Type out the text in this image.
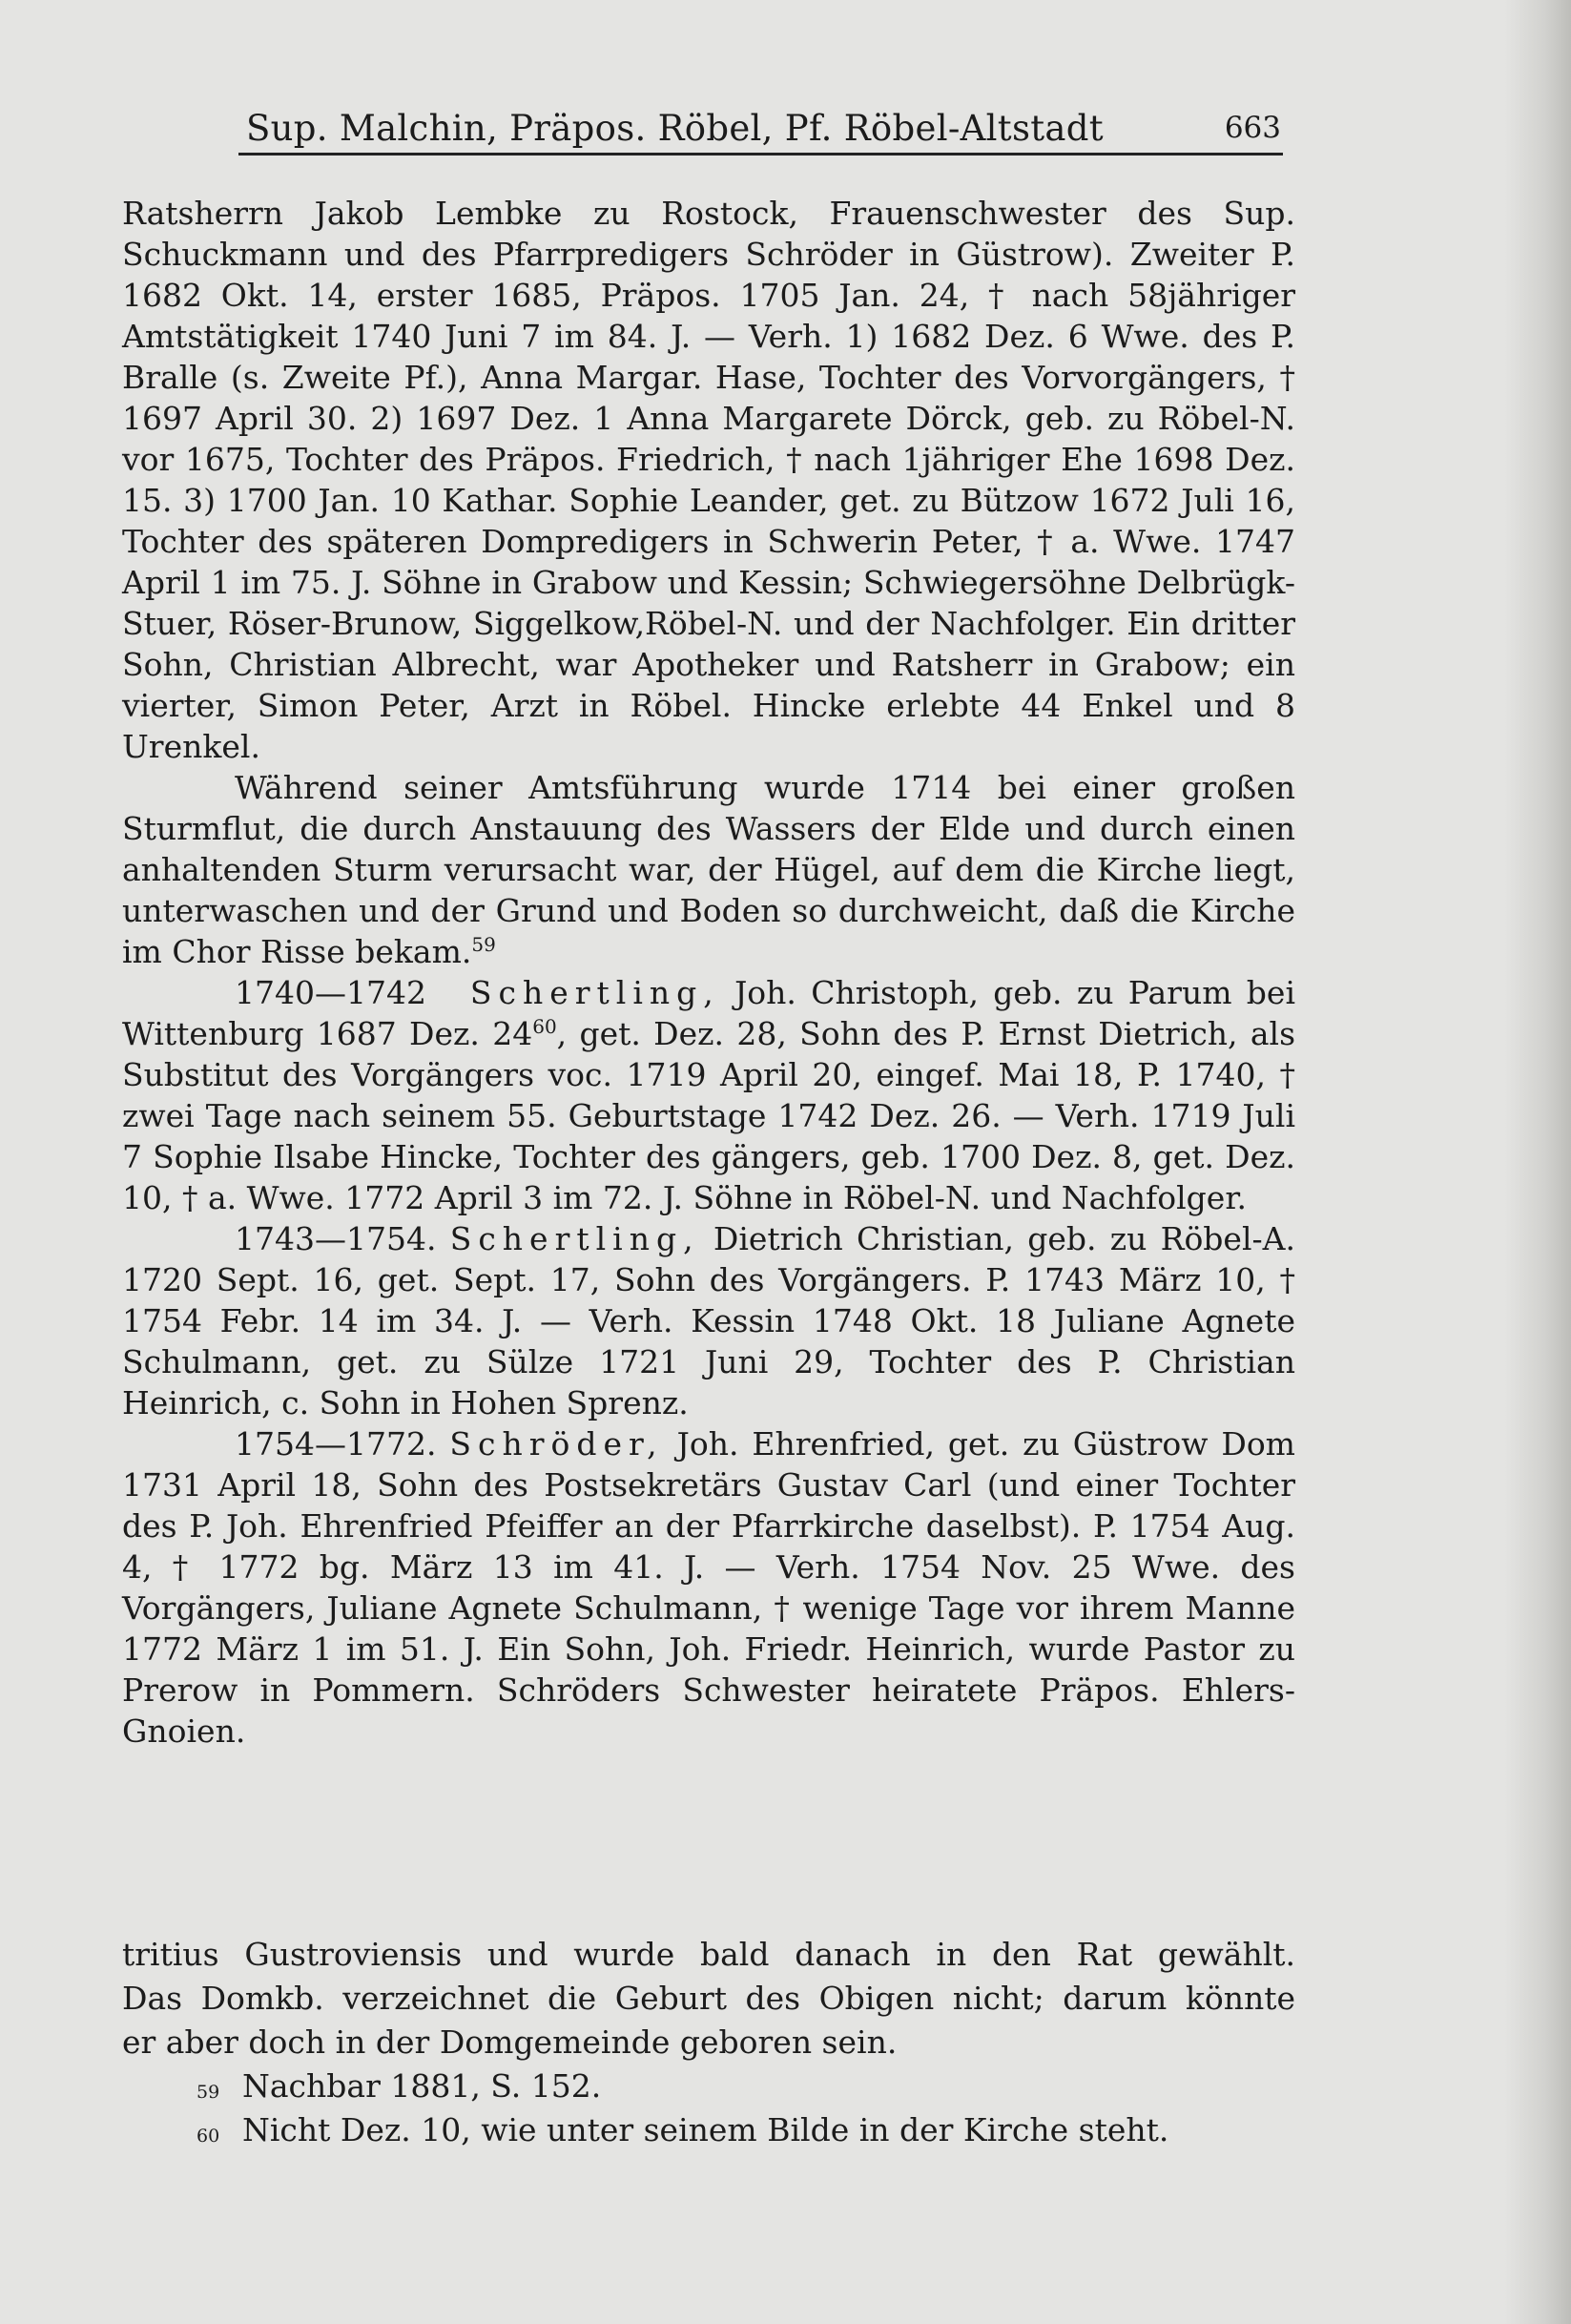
Sup. Malchin, Präpos. Röbel, Pf. Röbel-Altstadt	663

Ratsherrn Jakob Lembke zu Rostock, Frauenschwester des Sup. Schuckmann und des Pfarrpredigers Schröder in Güstrow). Zweiter P. 1682 Okt. 14, erster 1685, Präpos. 1705 Jan. 24, † nach 58jähriger Amtstätigkeit 1740 Juni 7 im 84. J. — Verh. 1) 1682 Dez. 6 Wwe. des P. Bralle (s. Zweite Pf.), Anna Margar. Hase, Tochter des Vorvorgängers, † 1697 April 30. 2) 1697 Dez. 1 Anna Margarete Dörck, geb. zu Röbel-N. vor 1675, Tochter des Präpos. Friedrich, † nach 1jähriger Ehe 1698 Dez. 15. 3) 1700 Jan. 10 Kathar. Sophie Leander, get. zu Bützow 1672 Juli 16, Tochter des späteren Dompredigers in Schwerin Peter, † a. Wwe. 1747 April 1 im 75. J. Söhne in Grabow und Kessin; Schwiegersöhne Delbrügk-Stuer, Röser-Brunow, Siggelkow,Röbel-N. und der Nachfolger. Ein dritter Sohn, Christian Albrecht, war Apotheker und Ratsherr in Grabow; ein vierter, Simon Peter, Arzt in Röbel. Hincke erlebte 44 Enkel und 8 Urenkel.

Während seiner Amtsführung wurde 1714 bei einer großen Sturmflut, die durch Anstauung des Wassers der Elde und durch einen anhaltenden Sturm verursacht war, der Hügel, auf dem die Kirche liegt, unterwaschen und der Grund und Boden so durchweicht, daß die Kirche im Chor Risse bekam.$^{59}$

1740—1742 Schertling, Joh. Christoph, geb. zu Parum bei Wittenburg 1687 Dez. $24^{60}$, get. Dez. 28, Sohn des P. Ernst Dietrich, als Substitut des Vorgängers voc. 1719 April 20, eingef. Mai 18, P. 1740, † zwei Tage nach seinem 55. Geburtstage 1742 Dez. 26. — Verh. 1719 Juli 7 Sophie Ilsabe Hincke, Tochter des gängers, geb. 1700 Dez. 8, get. Dez. 10, † a. Wwe. 1772 April 3 im 72. J. Söhne in Röbel-N. und Nachfolger.

1743—1754. Schertling, Dietrich Christian, geb. zu Röbel-A. 1720 Sept. 16, get. Sept. 17, Sohn des Vorgängers. P. 1743 März 10, † 1754 Febr. 14 im 34. J. — Verh. Kessin 1748 Okt. 18 Juliane Agnete Schulmann, get. zu Sülze 1721 Juni 29, Tochter des P. Christian Heinrich, c. Sohn in Hohen Sprenz.

1754—1772. Schröder, Joh. Ehrenfried, get. zu Güstrow Dom 1731 April 18, Sohn des Postsekretärs Gustav Carl (und einer Tochter des P. Joh. Ehrenfried Pfeiffer an der Pfarrkirche daselbst). P. 1754 Aug. 4, † 1772 bg. März 13 im 41. J. — Verh. 1754 Nov. 25 Wwe. des Vorgängers, Juliane Agnete Schulmann, † wenige Tage vor ihrem Manne 1772 März 1 im 51. J. Ein Sohn, Joh. Friedr. Heinrich, wurde Pastor zu Prerow in Pommern. Schröders Schwester heiratete Präpos. Ehlers-Gnoien.

tritius Gustroviensis und wurde bald danach in den Rat gewählt.

Das Domkb. verzeichnet die Geburt des Obigen nicht; darum könnte

er aber doch in der Domgemeinde geboren sein.

59 Nachbar 1881, S. 152.

60 Nicht Dez. 10, wie unter seinem Bilde in der Kirche steht.
